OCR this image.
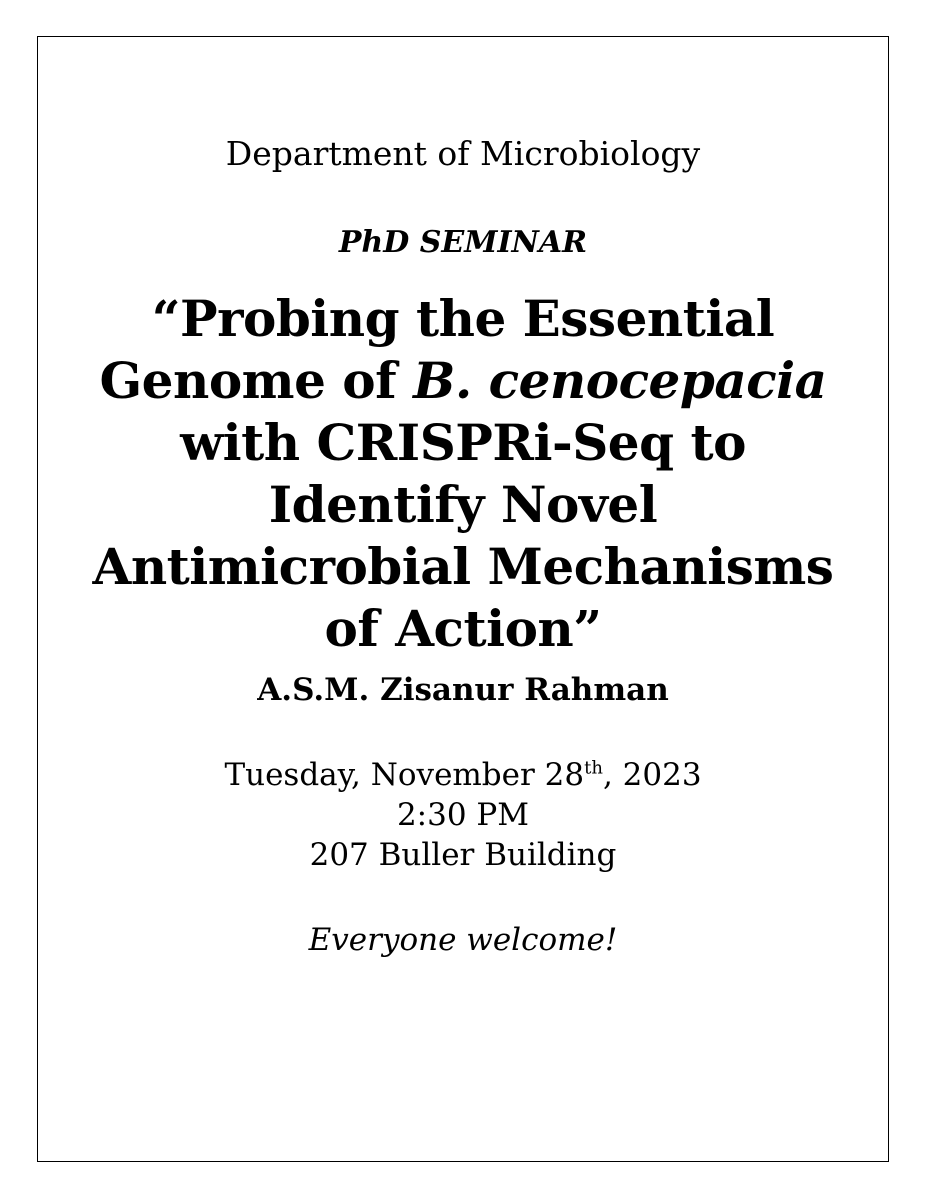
Department of Microbiology
PhD SEMINAR
“Probing the Essential Genome of B. cenocepacia with CRISPRi-Seq to Identify Novel Antimicrobial Mechanisms of Action”
A.S.M. Zisanur Rahman
Tuesday, November 28th, 2023
2:30 PM
207 Buller Building
Everyone welcome!
